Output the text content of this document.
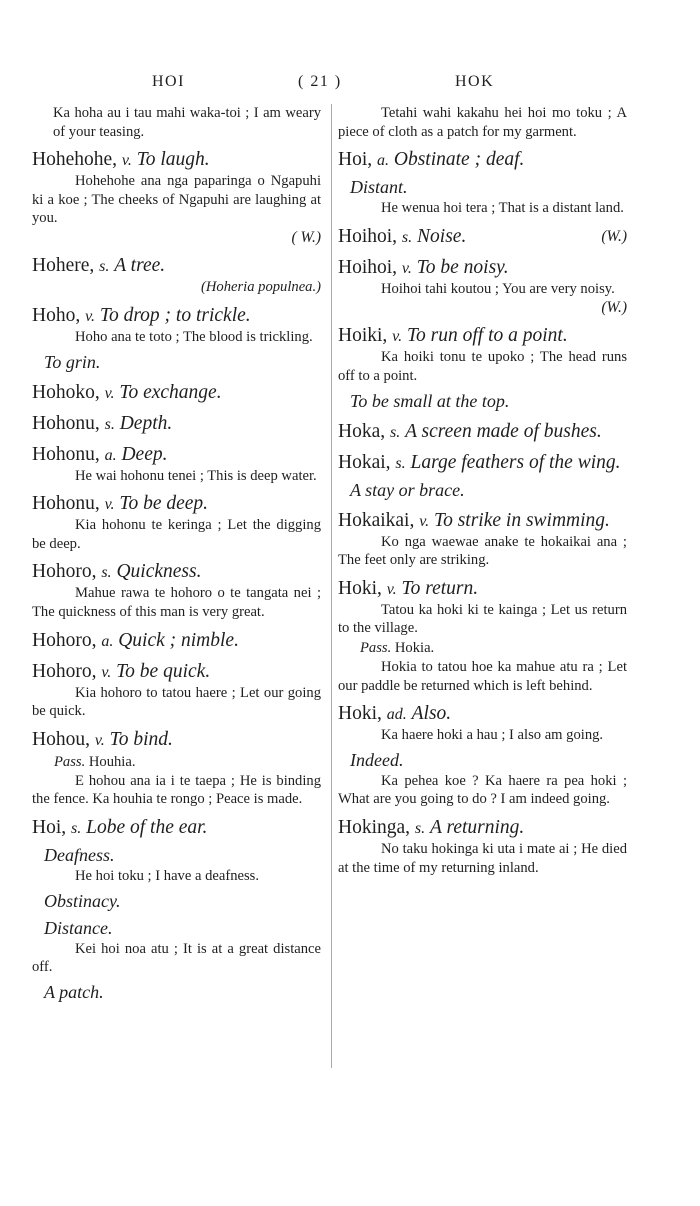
HOI	( 21 )	HOK

Ka hoha au i tau mahi waka-toi ; I am weary of your teasing.

Hohehohe, v. To laugh.

Hohehohe ana nga paparinga o Ngapuhi ki a koe ; The cheeks of Ngapuhi are laughing at you.

( W.)
Hohere, s. A tree.
(Hoheria populnea.)
Hoho, v. To drop ; to trickle.

Hoho ana te toto ; The blood is trickling.

To grin.
Hohoko, v. To exchange.
Hohonu, s. Depth.
Hohonu, a. Deep.

He wai hohonu tenei ; This is deep water.

Hohonu, v. To be deep.

Kia hohonu te keringa ; Let the digging be deep.

Hohoro, s. Quickness.

Mahue rawa te hohoro o te tangata nei ; The quickness of this man is very great.

Hohoro, a. Quick ; nimble.
Hohoro, v. To be quick.

Kia hohoro to tatou haere ; Let our going be quick.

Hohou, v. To bind.
Pass. Houhia.

E hohou ana ia i te taepa ; He is binding the fence. Ka houhia te rongo ; Peace is made.

Hoi, s. Lobe of the ear.
Deafness.

He hoi toku ; I have a deafness.

Obstinacy.
Distance.

Kei hoi noa atu ; It is at a great distance off.

A patch.

Tetahi wahi kakahu hei hoi mo toku ; A piece of cloth as a patch for my garment.

Hoi, a. Obstinate ; deaf.
Distant.

He wenua hoi tera ; That is a distant land.

Hoihoi, s. Noise.	(W.)
Hoihoi, v. To be noisy.

Hoihoi tahi koutou ; You are very noisy.

(W.)
Hoiki, v. To run off to a point.

Ka hoiki tonu te upoko ; The head runs off to a point.

To be small at the top.
Hoka, s. A screen made of bushes.
Hokai, s. Large feathers of the wing.
A stay or brace.
Hokaikai, v. To strike in swimming.

Ko nga waewae anake te hokaikai ana ; The feet only are striking.

Hoki, v. To return.

Tatou ka hoki ki te kainga ; Let us return to the village.

Pass. Hokia.

Hokia to tatou hoe ka mahue atu ra ; Let our paddle be returned which is left behind.

Hoki, ad. Also.

Ka haere hoki a hau ; I also am going.

Indeed.

Ka pehea koe ? Ka haere ra pea hoki ; What are you going to do ? I am indeed going.

Hokinga, s. A returning.

No taku hokinga ki uta i mate ai ; He died at the time of my returning inland.
